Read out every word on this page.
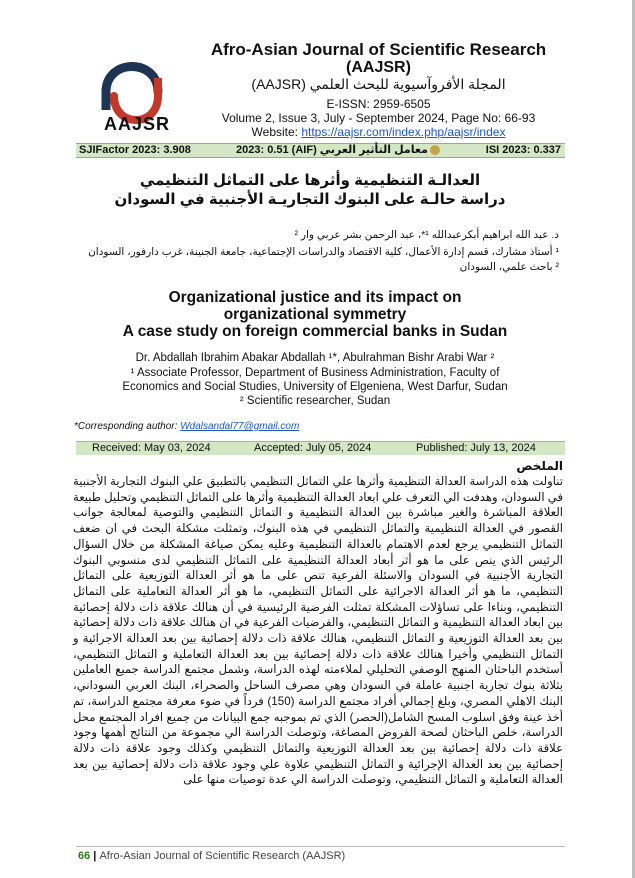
AAJSR
Afro-Asian Journal of Scientific Research
(AAJSR)
المجلة الأفروآسيوية للبحث العلمي (AAJSR)
E-ISSN: 2959-6505
Volume 2, Issue 3, July - September 2024, Page No: 66-93
Website: https://aajsr.com/index.php/aajsr/index
SJIFactor 2023: 3.908	معامل التأثير العربي (AIF) 2023: 0.51	ISI 2023: 0.337
العدالـة التنظيمية وأثرها على التماثل التنظيمي
دراسة حالـة على البنوك التجاريـة الأجنبية في السودان
د. عبد الله ابراهيم أبكرعبدالله ¹*، عبد الرحمن بشر عربي وار ²
¹ أستاذ مشارك، قسم إدارة الأعمال، كلية الاقتصاد والدراسات الإجتماعية، جامعة الجنينة، غرب دارفور، السودان
² باحث علمي، السودان
Organizational justice and its impact on
organizational symmetry
A case study on foreign commercial banks in Sudan
Dr. Abdallah Ibrahim Abakar Abdallah ¹*, Abulrahman Bishr Arabi War ²
¹ Associate Professor, Department of Business Administration, Faculty of
Economics and Social Studies, University of Elgeniena, West Darfur, Sudan
² Scientific researcher, Sudan
*Corresponding author: Wdalsandal77@gmail.com
Received: May 03, 2024	Accepted: July 05, 2024	Published: July 13, 2024
الملخص
تناولت هذه الدراسة العدالة التنظيمية وأثرها علي التماثل التنظيمي بالتطبيق علي البنوك التجارية الأجنبية في السودان، وهدفت الي التعرف علي ابعاد العدالة التنظيمية وأثرها على التماثل التنظيمي وتحليل طبيعة العلاقة المباشرة والغير مباشرة بين العدالة التنظيمية و التماثل التنظيمي والتوصية لمعالجة جوانب القصور في العدالة التنظيمية والتماثل التنظيمي في هذه البنوك، وتمثلت مشكلة البحث في ان ضعف التماثل التنظيمي يرجع لعدم الاهتمام بالعدالة التنظيمية وعليه يمكن صياغة المشكلة من خلال السؤال الرئيس الذي ينص على ما هو أثر أبعاد العدالة التنظيمية على التماثل التنظيمي لدى منسوبي البنوك التجارية الأجنبية في السودان والاسئلة الفرعية تنص على ما هو أثر العدالة التوزيعية على التماثل التنظيمي، ما هو أثر العدالة الاجرائية على التماثل التنظيمي، ما هو أثر العدالة التعاملية على التماثل التنظيمي، وبناءا على تساؤلات المشكلة تمثلت الفرضية الرئيسية في أن هنالك علاقة ذات دلالة إحصائية بين ابعاد العدالة التنظيمية و التماثل التنظيمي، والفرضيات الفرعية في ان هنالك علاقة ذات دلالة إحصائية بين بعد العدالة التوزيعية و التماثل التنظيمي، هنالك علاقة ذات دلالة إحصائية بين بعد العدالة الاجرائية و التماثل التنظيمي وأخيرا هنالك علاقة ذات دلالة إحصائية بين بعد العدالة التعاملية و التماثل التنظيمي، أستخدم الباحثان المنهج الوصفي التحليلي لملاءمته لهذه الدراسة، وشمل مجتمع الدراسة جميع العاملين بثلاثة بنوك تجارية اجنبية عاملة في السودان وهي مصرف الساحل والصحراء، البنك العربي السوداني، البنك الاهلي المصري، وبلغ إجمالي أفراد مجتمع الدراسة (150) فرداً في ضوء معرفة مجتمع الدراسة، تم أخذ عينة وفق اسلوب المسح الشامل(الحصر) الذي تم بموجبه جمع البيانات من جميع افراد المجتمع محل الدراسة، خلص الباحثان لصحة الفروض المصاغة، وتوصلت الدراسة الي مجموعة من النتائج أهمها وجود علاقة ذات دلالة إحصائية بين بعد العدالة التوزيعية والتماثل التنظيمي وكذلك وجود علاقة ذات دلالة إحصائية بين بعد العدالة الإجرائية و التماثل التنظيمي علاوة علي وجود علاقة ذات دلالة إحصائية بين بعد العدالة التعاملية و التماثل التنظيمي، وتوصلت الدراسة الي عدة توصيات منها على
66 | Afro-Asian Journal of Scientific Research (AAJSR)
